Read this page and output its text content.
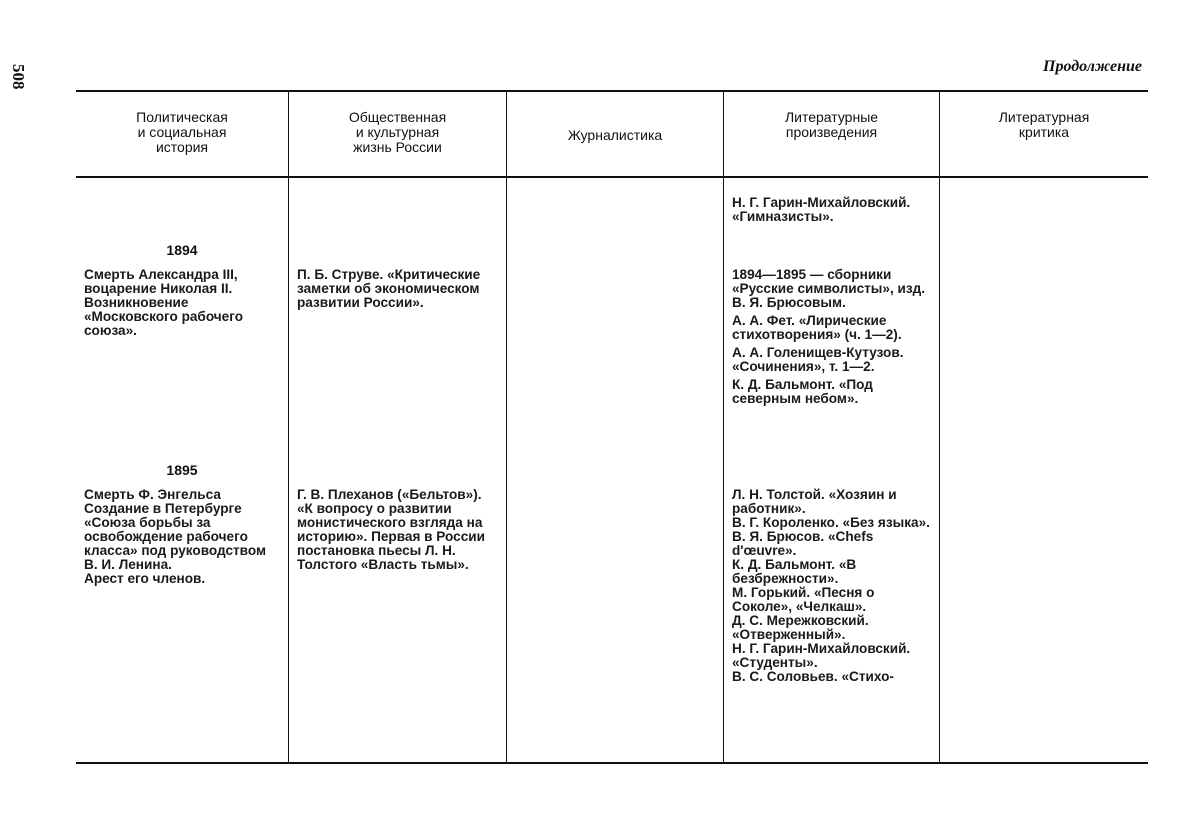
508	Продолжение
Политическая
и социальная
история
1894
Смерть Александра III, воцарение Николая II. Возникновение «Московского рабочего союза».
1895
Смерть Ф. Энгельса
Создание в Петербурге «Союза борьбы за освобождение рабочего класса» под руководством В. И. Ленина.
Арест его членов.
Общественная
и культурная
жизнь России
П. Б. Струве. «Критические заметки об экономическом развитии России».
Г. В. Плеханов («Бельтов»). «К вопросу о развитии монистического взгляда на историю». Первая в России постановка пьесы Л. Н. Толстого «Власть тьмы».
Журналистика
Литературные
произведения
Н. Г. Гарин-Михайловский. «Гимназисты».

1894—1895 — сборники «Русские символисты», изд. В. Я. Брюсовым.

А. А. Фет. «Лирические стихотворения» (ч. 1—2).

А. А. Голенищев-Кутузов. «Сочинения», т. 1—2.

К. Д. Бальмонт. «Под северным небом».

Л. Н. Толстой. «Хозяин и работник».

В. Г. Короленко. «Без языка».

В. Я. Брюсов. «Chefs d'œuvre».

К. Д. Бальмонт. «В безбрежности».

М. Горький. «Песня о Соколе», «Челкаш».

Д. С. Мережковский. «Отверженный».

Н. Г. Гарин-Михайловский. «Студенты».

В. С. Соловьев. «Стихо-

Литературная
критика
